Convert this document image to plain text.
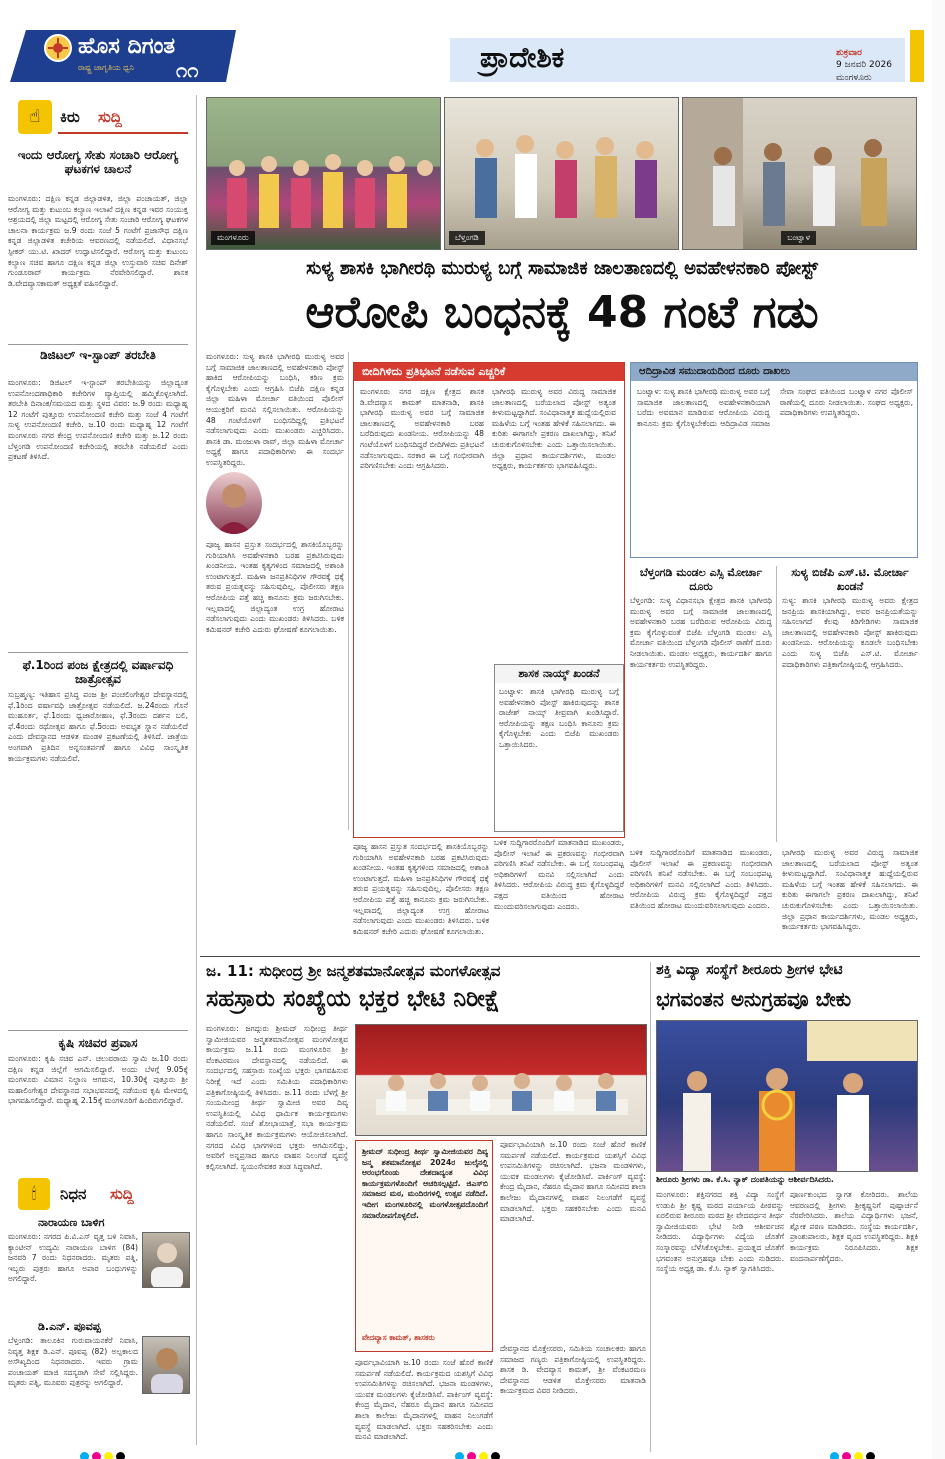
ಹೊಸ ದಿಗಂತ
ರಾಷ್ಟ್ರ ಜಾಗೃತಿಯ ಧ್ವನಿ ೧೧	ಪ್ರಾದೇಶಿಕ	ಶುಕ್ರವಾರ
9 ಜನವರಿ 2026
ಮಂಗಳೂರು
☝	ಕಿರು ಸುದ್ದಿ
ಇಂದು ಆರೋಗ್ಯ ಸೇತು ಸಂಚಾರಿ ಆರೋಗ್ಯ ಘಟಕಗಳ ಚಾಲನೆ
ಮಂಗಳೂರು: ದಕ್ಷಿಣ ಕನ್ನಡ ಜಿಲ್ಲಾಡಳಿತ, ಜಿಲ್ಲಾ ಪಂಚಾಯತ್, ಜಿಲ್ಲಾ ಆರೋಗ್ಯ ಮತ್ತು ಕುಟುಂಬ ಕಲ್ಯಾಣ ಇಲಾಖೆ ದಕ್ಷಿಣ ಕನ್ನಡ ಇವರ ಸಂಯುಕ್ತ ಆಶ್ರಯದಲ್ಲಿ ಜಿಲ್ಲಾ ಮಟ್ಟದಲ್ಲಿ ಆರೋಗ್ಯ ಸೇತು ಸಂಚಾರಿ ಆರೋಗ್ಯ ಘಟಕಗಳ ಚಾಲನಾ ಕಾರ್ಯಕ್ರಮ ಜ.9 ರಂದು ಸಂಜೆ 5 ಗಂಟೆಗೆ ಪ್ರಜಾಸೌಧ ದಕ್ಷಿಣ ಕನ್ನಡ ಜಿಲ್ಲಾಡಳಿತ ಕಚೇರಿಯ ಆವರಣದಲ್ಲಿ ನಡೆಯಲಿದೆ. ವಿಧಾನಸಭೆ ಸ್ಪೀಕರ್ ಯು.ಟಿ. ಖಾದರ್ ಉದ್ಘಾಟಿಸಲಿದ್ದಾರೆ. ಆರೋಗ್ಯ ಮತ್ತು ಕುಟುಂಬ ಕಲ್ಯಾಣ ಸಚಿವ ಹಾಗೂ ದಕ್ಷಿಣ ಕನ್ನಡ ಜಿಲ್ಲಾ ಉಸ್ತುವಾರಿ ಸಚಿವ ದಿನೇಶ್ ಗುಂಡೂರಾವ್ ಕಾರ್ಯಕ್ರಮ ನೆರವೇರಿಸಲಿದ್ದಾರೆ. ಶಾಸಕ ಡಿ.ವೇದವ್ಯಾಸಕಾಮತ್ ಅಧ್ಯಕ್ಷತೆ ವಹಿಸಲಿದ್ದಾರೆ.
ಡಿಜಿಟಲ್ ಇ-ಸ್ಟಾಂಪ್ ತರಬೇತಿ
ಮಂಗಳೂರು: ಡಿಜಿಟಲ್ ಇ-ಸ್ಟಾಂಪ್ ತರಬೇತಿಯನ್ನು ಜಿಲ್ಲಾದ್ಯಂತ ಉಪನೋಂದಣಾಧಿಕಾರಿ ಕಚೇರಿಗಳ ವ್ಯಾಪ್ತಿಯಲ್ಲಿ ಹಮ್ಮಿಕೊಳ್ಳಲಾಗಿದೆ. ತರಬೇತಿ ದಿನಾಂಕ/ಸಮಯದ ಮತ್ತು ಸ್ಥಳದ ವಿವರ: ಜ.9 ರಂದು ಮಧ್ಯಾಹ್ನ 12 ಗಂಟೆಗೆ ಪುತ್ತೂರು ಉಪನೋಂದಣಿ ಕಚೇರಿ ಮತ್ತು ಸಂಜೆ 4 ಗಂಟೆಗೆ ಸುಳ್ಯ ಉಪನೋಂದಣಿ ಕಚೇರಿ. ಜ.10 ರಂದು ಮಧ್ಯಾಹ್ನ 12 ಗಂಟೆಗೆ ಮಂಗಳೂರು ನಗರ ಕೇಂದ್ರ ಉಪನೋಂದಣಿ ಕಚೇರಿ ಮತ್ತು ಜ.12 ರಂದು ಬೆಳ್ತಂಗಡಿ ಉಪನೋಂದಣಿ ಕಚೇರಿಯಲ್ಲಿ ತರಬೇತಿ ನಡೆಯಲಿದೆ ಎಂದು ಪ್ರಕಟಣೆ ತಿಳಿಸಿದೆ.
ಫೆ.1ರಿಂದ ಪಂಜ ಕ್ಷೇತ್ರದಲ್ಲಿ ವರ್ಷಾವಧಿ ಜಾತ್ರೋತ್ಸವ
ಸುಬ್ರಹ್ಮಣ್ಯ: ಇತಿಹಾಸ ಪ್ರಸಿದ್ಧ ಪಂಜ ಶ್ರೀ ಪಂಚಲಿಂಗೇಶ್ವರ ದೇವಸ್ಥಾನದಲ್ಲಿ ಫೆ.1ರಿಂದ ವರ್ಷಾವಧಿ ಜಾತ್ರೋತ್ಸವ ನಡೆಯಲಿದೆ. ಜ.24ರಂದು ಗೊನೆ ಮುಹೂರ್ತ, ಫೆ.1ರಂದು ಧ್ವಜಾರೋಹಣ, ಫೆ.3ರಂದು ದರ್ಶನ ಬಲಿ, ಫೆ.4ರಂದು ರಥೋತ್ಸವ ಹಾಗೂ ಫೆ.5ರಂದು ಅವಭೃತ ಸ್ನಾನ ನಡೆಯಲಿದೆ ಎಂದು ದೇವಸ್ಥಾನದ ಆಡಳಿತ ಮಂಡಳಿ ಪ್ರಕಟಣೆಯಲ್ಲಿ ತಿಳಿಸಿದೆ. ಜಾತ್ರೆಯ ಅಂಗವಾಗಿ ಪ್ರತಿದಿನ ಅನ್ನಸಂತರ್ಪಣೆ ಹಾಗೂ ವಿವಿಧ ಸಾಂಸ್ಕೃತಿಕ ಕಾರ್ಯಕ್ರಮಗಳು ನಡೆಯಲಿವೆ.
ಕೃಷಿ ಸಚಿವರ ಪ್ರವಾಸ
ಮಂಗಳೂರು: ಕೃಷಿ ಸಚಿವ ಎನ್. ಚಲುವರಾಯ ಸ್ವಾಮಿ ಜ.10 ರಂದು ದಕ್ಷಿಣ ಕನ್ನಡ ಜಿಲ್ಲೆಗೆ ಆಗಮಿಸಲಿದ್ದಾರೆ. ಅಂದು ಬೆಳಗ್ಗೆ 9.05ಕ್ಕೆ ಮಂಗಳೂರು ವಿಮಾನ ನಿಲ್ದಾಣ ಆಗಮನ, 10.30ಕ್ಕೆ ಪುತ್ತೂರು ಶ್ರೀ ಮಹಾಲಿಂಗೇಶ್ವರ ದೇವಸ್ಥಾನದ ಸಭಾಭವನದಲ್ಲಿ ನಡೆಯುವ ಕೃಷಿ ಮೇಳದಲ್ಲಿ ಭಾಗವಹಿಸಲಿದ್ದಾರೆ. ಮಧ್ಯಾಹ್ನ 2.15ಕ್ಕೆ ಮಂಗಳೂರಿಗೆ ಹಿಂದಿರುಗಲಿದ್ದಾರೆ.
🕯	ನಿಧನ ಸುದ್ದಿ
ನಾರಾಯಣ ಬಾಳಿಗ
ಮಂಗಳೂರು: ನಗರದ ಪಿ.ವಿ.ಎಸ್ ವೃತ್ತ ಬಳಿ ನಿವಾಸಿ, ಕ್ಯಾಂಟೀನ್ ಉದ್ಯಮಿ ನಾರಾಯಣ ಬಾಳಿಗ (84) ಜನವರಿ 7 ರಂದು ನಿಧನರಾದರು. ಮೃತರು ಪತ್ನಿ, ಇಬ್ಬರು ಪುತ್ರರು ಹಾಗೂ ಅಪಾರ ಬಂಧುಗಳನ್ನು ಅಗಲಿದ್ದಾರೆ.
ಡಿ.ಎನ್. ಪೂವಪ್ಪ
ಬೆಳ್ತಂಗಡಿ: ತಾಲೂಕಿನ ಗುರುವಾಯನಕೆರೆ ನಿವಾಸಿ, ನಿವೃತ್ತ ಶಿಕ್ಷಕ ಡಿ.ಎನ್. ಪೂವಪ್ಪ (82) ಅಲ್ಪಕಾಲದ ಅಸೌಖ್ಯದಿಂದ ನಿಧನರಾದರು. ಇವರು ಗ್ರಾಮ ಪಂಚಾಯತ್ ಮಾಜಿ ಸದಸ್ಯರಾಗಿ ಸೇವೆ ಸಲ್ಲಿಸಿದ್ದರು. ಮೃತರು ಪತ್ನಿ, ಮೂವರು ಪುತ್ರರನ್ನು ಅಗಲಿದ್ದಾರೆ.
ಮಂಗಳೂರು	ಬೆಳ್ತಂಗಡಿ	ಬಂಟ್ವಾಳ
ಸುಳ್ಯ ಶಾಸಕಿ ಭಾಗೀರಥಿ ಮುರುಳ್ಯ ಬಗ್ಗೆ ಸಾಮಾಜಿಕ ಜಾಲತಾಣದಲ್ಲಿ ಅವಹೇಳನಕಾರಿ ಪೋಸ್ಟ್
ಆರೋಪಿ ಬಂಧನಕ್ಕೆ 48 ಗಂಟೆ ಗಡು
ಮಂಗಳೂರು: ಸುಳ್ಯ ಶಾಸಕಿ ಭಾಗೀರಥಿ ಮುರುಳ್ಯ ಅವರ ಬಗ್ಗೆ ಸಾಮಾಜಿಕ ಜಾಲತಾಣದಲ್ಲಿ ಅವಹೇಳನಕಾರಿ ಪೋಸ್ಟ್ ಹಾಕಿದ ಆರೋಪಿಯನ್ನು ಬಂಧಿಸಿ, ಕಠಿಣ ಕ್ರಮ ಕೈಗೊಳ್ಳಬೇಕು ಎಂದು ಆಗ್ರಹಿಸಿ ಬಿಜೆಪಿ ದಕ್ಷಿಣ ಕನ್ನಡ ಜಿಲ್ಲಾ ಮಹಿಳಾ ಮೋರ್ಚಾ ವತಿಯಿಂದ ಪೊಲೀಸ್ ಆಯುಕ್ತರಿಗೆ ಮನವಿ ಸಲ್ಲಿಸಲಾಯಿತು. ಆರೋಪಿಯನ್ನು 48 ಗಂಟೆಯೊಳಗೆ ಬಂಧಿಸದಿದ್ದಲ್ಲಿ ಪ್ರತಿಭಟನೆ ನಡೆಸಲಾಗುವುದು ಎಂದು ಮುಖಂಡರು ಎಚ್ಚರಿಸಿದರು. ಶಾಸಕಿ ಡಾ. ಮಂಜುಳಾ ರಾವ್, ಜಿಲ್ಲಾ ಮಹಿಳಾ ಮೋರ್ಚಾ ಅಧ್ಯಕ್ಷೆ ಹಾಗೂ ಪದಾಧಿಕಾರಿಗಳು ಈ ಸಂದರ್ಭ ಉಪಸ್ಥಿತರಿದ್ದರು.
ಪೂಜ್ಯ ಹಾಸನ ಪ್ರಸ್ತುತ ಸಂದರ್ಭದಲ್ಲಿ ಶಾಸಕಿಯೊಬ್ಬರನ್ನು ಗುರಿಯಾಗಿಸಿ ಅವಹೇಳನಕಾರಿ ಬರಹ ಪ್ರಕಟಿಸಿರುವುದು ಖಂಡನೀಯ. ಇಂತಹ ಕೃತ್ಯಗಳಿಂದ ಸಮಾಜದಲ್ಲಿ ಅಶಾಂತಿ ಉಂಟಾಗುತ್ತದೆ. ಮಹಿಳಾ ಜನಪ್ರತಿನಿಧಿಗಳ ಗೌರವಕ್ಕೆ ಧಕ್ಕೆ ತರುವ ಪ್ರಯತ್ನವನ್ನು ಸಹಿಸುವುದಿಲ್ಲ. ಪೊಲೀಸರು ತಕ್ಷಣ ಆರೋಪಿಯ ಪತ್ತೆ ಹಚ್ಚಿ ಕಾನೂನು ಕ್ರಮ ಜರುಗಿಸಬೇಕು. ಇಲ್ಲವಾದಲ್ಲಿ ಜಿಲ್ಲಾದ್ಯಂತ ಉಗ್ರ ಹೋರಾಟ ನಡೆಸಲಾಗುವುದು ಎಂದು ಮುಖಂಡರು ತಿಳಿಸಿದರು. ಬಳಿಕ ಕಮಿಷನರ್ ಕಚೇರಿ ಎದುರು ಘೋಷಣೆ ಕೂಗಲಾಯಿತು.
ಬೀದಿಗಿಳಿದು ಪ್ರತಿಭಟನೆ ನಡೆಸುವ ಎಚ್ಚರಿಕೆ
ಮಂಗಳೂರು ನಗರ ದಕ್ಷಿಣ ಕ್ಷೇತ್ರದ ಶಾಸಕ ಡಿ.ವೇದವ್ಯಾಸ ಕಾಮತ್ ಮಾತನಾಡಿ, ಶಾಸಕಿ ಭಾಗೀರಥಿ ಮುರುಳ್ಯ ಅವರ ಬಗ್ಗೆ ಸಾಮಾಜಿಕ ಜಾಲತಾಣದಲ್ಲಿ ಅವಹೇಳನಕಾರಿ ಬರಹ ಬರೆದಿರುವುದು ಖಂಡನೀಯ. ಆರೋಪಿಯನ್ನು 48 ಗಂಟೆಯೊಳಗೆ ಬಂಧಿಸದಿದ್ದರೆ ಬೀದಿಗಿಳಿದು ಪ್ರತಿಭಟನೆ ನಡೆಸಲಾಗುವುದು. ಸರಕಾರ ಈ ಬಗ್ಗೆ ಗಂಭೀರವಾಗಿ ಪರಿಗಣಿಸಬೇಕು ಎಂದು ಆಗ್ರಹಿಸಿದರು.
ಭಾಗೀರಥಿ ಮುರುಳ್ಯ ಅವರ ವಿರುದ್ಧ ಸಾಮಾಜಿಕ ಜಾಲತಾಣದಲ್ಲಿ ಬರೆಯಲಾದ ಪೋಸ್ಟ್ ಅತ್ಯಂತ ಕೀಳುಮಟ್ಟದ್ದಾಗಿದೆ. ಸಂವಿಧಾನಾತ್ಮಕ ಹುದ್ದೆಯಲ್ಲಿರುವ ಮಹಿಳೆಯ ಬಗ್ಗೆ ಇಂತಹ ಹೇಳಿಕೆ ಸಹಿಸಲಾಗದು. ಈ ಕುರಿತು ಈಗಾಗಲೇ ಪ್ರಕರಣ ದಾಖಲಾಗಿದ್ದು, ತನಿಖೆ ಚುರುಕುಗೊಳಿಸಬೇಕು ಎಂದು ಒತ್ತಾಯಿಸಲಾಯಿತು. ಜಿಲ್ಲಾ ಪ್ರಧಾನ ಕಾರ್ಯದರ್ಶಿಗಳು, ಮಂಡಲ ಅಧ್ಯಕ್ಷರು, ಕಾರ್ಯಕರ್ತರು ಭಾಗವಹಿಸಿದ್ದರು.
ಪೂಜ್ಯ ಹಾಸನ ಪ್ರಸ್ತುತ ಸಂದರ್ಭದಲ್ಲಿ ಶಾಸಕಿಯೊಬ್ಬರನ್ನು ಗುರಿಯಾಗಿಸಿ ಅವಹೇಳನಕಾರಿ ಬರಹ ಪ್ರಕಟಿಸಿರುವುದು ಖಂಡನೀಯ. ಇಂತಹ ಕೃತ್ಯಗಳಿಂದ ಸಮಾಜದಲ್ಲಿ ಅಶಾಂತಿ ಉಂಟಾಗುತ್ತದೆ. ಮಹಿಳಾ ಜನಪ್ರತಿನಿಧಿಗಳ ಗೌರವಕ್ಕೆ ಧಕ್ಕೆ ತರುವ ಪ್ರಯತ್ನವನ್ನು ಸಹಿಸುವುದಿಲ್ಲ. ಪೊಲೀಸರು ತಕ್ಷಣ ಆರೋಪಿಯ ಪತ್ತೆ ಹಚ್ಚಿ ಕಾನೂನು ಕ್ರಮ ಜರುಗಿಸಬೇಕು. ಇಲ್ಲವಾದಲ್ಲಿ ಜಿಲ್ಲಾದ್ಯಂತ ಉಗ್ರ ಹೋರಾಟ ನಡೆಸಲಾಗುವುದು ಎಂದು ಮುಖಂಡರು ತಿಳಿಸಿದರು. ಬಳಿಕ ಕಮಿಷನರ್ ಕಚೇರಿ ಎದುರು ಘೋಷಣೆ ಕೂಗಲಾಯಿತು.
ಶಾಸಕ ನಾಯ್ಕ್ ಖಂಡನೆ
ಬಂಟ್ವಾಳ: ಶಾಸಕಿ ಭಾಗೀರಥಿ ಮುರುಳ್ಯ ಬಗ್ಗೆ ಅವಹೇಳನಕಾರಿ ಪೋಸ್ಟ್ ಹಾಕಿರುವುದನ್ನು ಶಾಸಕ ರಾಜೇಶ್ ನಾಯ್ಕ್ ತೀವ್ರವಾಗಿ ಖಂಡಿಸಿದ್ದಾರೆ. ಆರೋಪಿಯನ್ನು ತಕ್ಷಣ ಬಂಧಿಸಿ ಕಾನೂನು ಕ್ರಮ ಕೈಗೊಳ್ಳಬೇಕು ಎಂದು ಬಿಜೆಪಿ ಮುಖಂಡರು ಒತ್ತಾಯಿಸಿದರು.
ಬಳಿಕ ಸುದ್ದಿಗಾರರೊಂದಿಗೆ ಮಾತನಾಡಿದ ಮುಖಂಡರು, ಪೊಲೀಸ್ ಇಲಾಖೆ ಈ ಪ್ರಕರಣವನ್ನು ಗಂಭೀರವಾಗಿ ಪರಿಗಣಿಸಿ ತನಿಖೆ ನಡೆಸಬೇಕು. ಈ ಬಗ್ಗೆ ಸಂಬಂಧಪಟ್ಟ ಅಧಿಕಾರಿಗಳಿಗೆ ಮನವಿ ಸಲ್ಲಿಸಲಾಗಿದೆ ಎಂದು ತಿಳಿಸಿದರು. ಆರೋಪಿಯ ವಿರುದ್ಧ ಕ್ರಮ ಕೈಗೊಳ್ಳದಿದ್ದರೆ ಪಕ್ಷದ ವತಿಯಿಂದ ಹೋರಾಟ ಮುಂದುವರಿಸಲಾಗುವುದು ಎಂದರು.
ಆದಿದ್ರಾವಿಡ ಸಮುದಾಯದಿಂದ ದೂರು ದಾಖಲು
ಬಂಟ್ವಾಳ: ಸುಳ್ಯ ಶಾಸಕಿ ಭಾಗೀರಥಿ ಮುರುಳ್ಯ ಅವರ ಬಗ್ಗೆ ಸಾಮಾಜಿಕ ಜಾಲತಾಣದಲ್ಲಿ ಅವಹೇಳನಕಾರಿಯಾಗಿ ಬರೆದು ಅವಮಾನ ಮಾಡಿರುವ ಆರೋಪಿಯ ವಿರುದ್ಧ ಕಾನೂನು ಕ್ರಮ ಕೈಗೊಳ್ಳಬೇಕೆಂದು ಆದಿದ್ರಾವಿಡ ಸಮಾಜ ಸೇವಾ ಸಂಘದ ವತಿಯಿಂದ ಬಂಟ್ವಾಳ ನಗರ ಪೊಲೀಸ್ ಠಾಣೆಯಲ್ಲಿ ದೂರು ನೀಡಲಾಯಿತು. ಸಂಘದ ಅಧ್ಯಕ್ಷರು, ಪದಾಧಿಕಾರಿಗಳು ಉಪಸ್ಥಿತರಿದ್ದರು.
ಬೆಳ್ತಂಗಡಿ ಮಂಡಲ ಎಸ್ಸಿ ಮೋರ್ಚಾ ದೂರು
ಬೆಳ್ತಂಗಡಿ: ಸುಳ್ಯ ವಿಧಾನಸಭಾ ಕ್ಷೇತ್ರದ ಶಾಸಕಿ ಭಾಗೀರಥಿ ಮುರುಳ್ಯ ಅವರ ಬಗ್ಗೆ ಸಾಮಾಜಿಕ ಜಾಲತಾಣದಲ್ಲಿ ಅವಹೇಳನಕಾರಿ ಬರಹ ಬರೆದಿರುವ ಆರೋಪಿಯ ವಿರುದ್ಧ ಕ್ರಮ ಕೈಗೊಳ್ಳುವಂತೆ ಬಿಜೆಪಿ ಬೆಳ್ತಂಗಡಿ ಮಂಡಲ ಎಸ್ಸಿ ಮೋರ್ಚಾ ವತಿಯಿಂದ ಬೆಳ್ತಂಗಡಿ ಪೊಲೀಸ್ ಠಾಣೆಗೆ ದೂರು ನೀಡಲಾಯಿತು. ಮಂಡಲ ಅಧ್ಯಕ್ಷರು, ಕಾರ್ಯದರ್ಶಿ ಹಾಗೂ ಕಾರ್ಯಕರ್ತರು ಉಪಸ್ಥಿತರಿದ್ದರು.
ಸುಳ್ಯ ಬಿಜೆಪಿ ಎಸ್.ಟಿ. ಮೋರ್ಚಾ ಖಂಡನೆ
ಸುಳ್ಯ: ಶಾಸಕಿ ಭಾಗೀರಥಿ ಮುರುಳ್ಯ ಅವರು ಕ್ಷೇತ್ರದ ಜನಪ್ರಿಯ ಶಾಸಕಿಯಾಗಿದ್ದು, ಅವರ ಜನಪ್ರಿಯತೆಯನ್ನು ಸಹಿಸಲಾಗದೆ ಕೆಲವು ಕಿಡಿಗೇಡಿಗಳು ಸಾಮಾಜಿಕ ಜಾಲತಾಣದಲ್ಲಿ ಅವಹೇಳನಕಾರಿ ಪೋಸ್ಟ್ ಹಾಕಿರುವುದು ಖಂಡನೀಯ. ಆರೋಪಿಯನ್ನು ಕೂಡಲೇ ಬಂಧಿಸಬೇಕು ಎಂದು ಸುಳ್ಯ ಬಿಜೆಪಿ ಎಸ್.ಟಿ. ಮೋರ್ಚಾ ಪದಾಧಿಕಾರಿಗಳು ಪತ್ರಿಕಾಗೋಷ್ಠಿಯಲ್ಲಿ ಆಗ್ರಹಿಸಿದರು.
ಬಳಿಕ ಸುದ್ದಿಗಾರರೊಂದಿಗೆ ಮಾತನಾಡಿದ ಮುಖಂಡರು, ಪೊಲೀಸ್ ಇಲಾಖೆ ಈ ಪ್ರಕರಣವನ್ನು ಗಂಭೀರವಾಗಿ ಪರಿಗಣಿಸಿ ತನಿಖೆ ನಡೆಸಬೇಕು. ಈ ಬಗ್ಗೆ ಸಂಬಂಧಪಟ್ಟ ಅಧಿಕಾರಿಗಳಿಗೆ ಮನವಿ ಸಲ್ಲಿಸಲಾಗಿದೆ ಎಂದು ತಿಳಿಸಿದರು. ಆರೋಪಿಯ ವಿರುದ್ಧ ಕ್ರಮ ಕೈಗೊಳ್ಳದಿದ್ದರೆ ಪಕ್ಷದ ವತಿಯಿಂದ ಹೋರಾಟ ಮುಂದುವರಿಸಲಾಗುವುದು ಎಂದರು.
ಭಾಗೀರಥಿ ಮುರುಳ್ಯ ಅವರ ವಿರುದ್ಧ ಸಾಮಾಜಿಕ ಜಾಲತಾಣದಲ್ಲಿ ಬರೆಯಲಾದ ಪೋಸ್ಟ್ ಅತ್ಯಂತ ಕೀಳುಮಟ್ಟದ್ದಾಗಿದೆ. ಸಂವಿಧಾನಾತ್ಮಕ ಹುದ್ದೆಯಲ್ಲಿರುವ ಮಹಿಳೆಯ ಬಗ್ಗೆ ಇಂತಹ ಹೇಳಿಕೆ ಸಹಿಸಲಾಗದು. ಈ ಕುರಿತು ಈಗಾಗಲೇ ಪ್ರಕರಣ ದಾಖಲಾಗಿದ್ದು, ತನಿಖೆ ಚುರುಕುಗೊಳಿಸಬೇಕು ಎಂದು ಒತ್ತಾಯಿಸಲಾಯಿತು. ಜಿಲ್ಲಾ ಪ್ರಧಾನ ಕಾರ್ಯದರ್ಶಿಗಳು, ಮಂಡಲ ಅಧ್ಯಕ್ಷರು, ಕಾರ್ಯಕರ್ತರು ಭಾಗವಹಿಸಿದ್ದರು.
ಜ. 11: ಸುಧೀಂದ್ರ ಶ್ರೀ ಜನ್ಮಶತಮಾನೋತ್ಸವ ಮಂಗಳೋತ್ಸವ
ಸಹಸ್ರಾರು ಸಂಖ್ಯೆಯ ಭಕ್ತರ ಭೇಟಿ ನಿರೀಕ್ಷೆ
ಮಂಗಳೂರು: ಜಗದ್ಗುರು ಶ್ರೀಮದ್ ಸುಧೀಂದ್ರ ತೀರ್ಥ ಸ್ವಾಮೀಜಿಯವರ ಜನ್ಮಶತಮಾನೋತ್ಸವ ಮಂಗಳೋತ್ಸವ ಕಾರ್ಯಕ್ರಮ ಜ.11 ರಂದು ಮಂಗಳೂರಿನ ಶ್ರೀ ವೆಂಕಟರಮಣ ದೇವಸ್ಥಾನದಲ್ಲಿ ನಡೆಯಲಿದೆ. ಈ ಸಂದರ್ಭದಲ್ಲಿ ಸಹಸ್ರಾರು ಸಂಖ್ಯೆಯ ಭಕ್ತರು ಭಾಗವಹಿಸುವ ನಿರೀಕ್ಷೆ ಇದೆ ಎಂದು ಸಮಿತಿಯ ಪದಾಧಿಕಾರಿಗಳು ಪತ್ರಿಕಾಗೋಷ್ಠಿಯಲ್ಲಿ ತಿಳಿಸಿದರು. ಜ.11 ರಂದು ಬೆಳಗ್ಗೆ ಶ್ರೀ ಸಂಯಮೀಂದ್ರ ತೀರ್ಥ ಸ್ವಾಮೀಜಿ ಅವರ ದಿವ್ಯ ಉಪಸ್ಥಿತಿಯಲ್ಲಿ ವಿವಿಧ ಧಾರ್ಮಿಕ ಕಾರ್ಯಕ್ರಮಗಳು ನಡೆಯಲಿವೆ. ಸಂಜೆ ಶೋಭಾಯಾತ್ರೆ, ಸಭಾ ಕಾರ್ಯಕ್ರಮ ಹಾಗೂ ಸಾಂಸ್ಕೃತಿಕ ಕಾರ್ಯಕ್ರಮಗಳು ಆಯೋಜಿಸಲಾಗಿದೆ. ನಗರದ ವಿವಿಧ ಭಾಗಗಳಿಂದ ಭಕ್ತರು ಆಗಮಿಸಲಿದ್ದು, ಅವರಿಗೆ ಅನ್ನಪ್ರಸಾದ ಹಾಗೂ ವಾಹನ ನಿಲುಗಡೆ ವ್ಯವಸ್ಥೆ ಕಲ್ಪಿಸಲಾಗಿದೆ. ಸ್ವಯಂಸೇವಕರ ತಂಡ ಸಿದ್ಧವಾಗಿದೆ.
ಶ್ರೀಮದ್ ಸುಧೀಂದ್ರ ತೀರ್ಥ ಸ್ವಾಮೀಜಿಯವರ ದಿವ್ಯ ಜನ್ಮ ಶತಮಾನೋತ್ಸವ 2024ರ ಜುಲೈನಲ್ಲಿ ಆರಂಭಗೊಂಡು ದೇಶದಾದ್ಯಂತ ವಿವಿಧ ಕಾರ್ಯಕ್ರಮಗಳೊಂದಿಗೆ ಆಚರಿಸಲ್ಪಟ್ಟಿದೆ. ಜಿಎಸ್‌ಬಿ ಸಮಾಜದ ಮಠ, ಮಂದಿರಗಳಲ್ಲಿ ಉತ್ಸವ ನಡೆದಿದೆ. ಇದೀಗ ಮಂಗಳೂರಿನಲ್ಲಿ ಮಂಗಳೋತ್ಸವದೊಂದಿಗೆ ಸಮಾರೋಪಗೊಳ್ಳಲಿದೆ.
ವೇದವ್ಯಾಸ ಕಾಮತ್, ಶಾಸಕರು
ಪೂರ್ವಭಾವಿಯಾಗಿ ಜ.10 ರಂದು ಸಂಜೆ ಹೊರೆ ಕಾಣಿಕೆ ಸಮರ್ಪಣೆ ನಡೆಯಲಿದೆ. ಕಾರ್ಯಕ್ರಮದ ಯಶಸ್ಸಿಗೆ ವಿವಿಧ ಉಪಸಮಿತಿಗಳನ್ನು ರಚಿಸಲಾಗಿದೆ. ಭಜನಾ ಮಂಡಳಿಗಳು, ಯುವಕ ಮಂಡಲಗಳು ಕೈಜೋಡಿಸಿವೆ. ಪಾರ್ಕಿಂಗ್ ವ್ಯವಸ್ಥೆ: ಕೇಂದ್ರ ಮೈದಾನ, ನೆಹರೂ ಮೈದಾನ ಹಾಗೂ ಸಮೀಪದ ಶಾಲಾ ಕಾಲೇಜು ಮೈದಾನಗಳಲ್ಲಿ ವಾಹನ ನಿಲುಗಡೆಗೆ ವ್ಯವಸ್ಥೆ ಮಾಡಲಾಗಿದೆ. ಭಕ್ತರು ಸಹಕರಿಸಬೇಕು ಎಂದು ಮನವಿ ಮಾಡಲಾಗಿದೆ.
ಪೂರ್ವಭಾವಿಯಾಗಿ ಜ.10 ರಂದು ಸಂಜೆ ಹೊರೆ ಕಾಣಿಕೆ ಸಮರ್ಪಣೆ ನಡೆಯಲಿದೆ. ಕಾರ್ಯಕ್ರಮದ ಯಶಸ್ಸಿಗೆ ವಿವಿಧ ಉಪಸಮಿತಿಗಳನ್ನು ರಚಿಸಲಾಗಿದೆ. ಭಜನಾ ಮಂಡಳಿಗಳು, ಯುವಕ ಮಂಡಲಗಳು ಕೈಜೋಡಿಸಿವೆ. ಪಾರ್ಕಿಂಗ್ ವ್ಯವಸ್ಥೆ: ಕೇಂದ್ರ ಮೈದಾನ, ನೆಹರೂ ಮೈದಾನ ಹಾಗೂ ಸಮೀಪದ ಶಾಲಾ ಕಾಲೇಜು ಮೈದಾನಗಳಲ್ಲಿ ವಾಹನ ನಿಲುಗಡೆಗೆ ವ್ಯವಸ್ಥೆ ಮಾಡಲಾಗಿದೆ. ಭಕ್ತರು ಸಹಕರಿಸಬೇಕು ಎಂದು ಮನವಿ ಮಾಡಲಾಗಿದೆ.
ದೇವಸ್ಥಾನದ ಮೊಕ್ತೇಸರರು, ಸಮಿತಿಯ ಸಂಚಾಲಕರು ಹಾಗೂ ಸಮಾಜದ ಗಣ್ಯರು ಪತ್ರಿಕಾಗೋಷ್ಠಿಯಲ್ಲಿ ಉಪಸ್ಥಿತರಿದ್ದರು. ಶಾಸಕ ಡಿ. ವೇದವ್ಯಾಸ ಕಾಮತ್, ಶ್ರೀ ವೆಂಕಟರಮಣ ದೇವಸ್ಥಾನದ ಆಡಳಿತ ಮೊಕ್ತೇಸರರು ಮಾತನಾಡಿ ಕಾರ್ಯಕ್ರಮದ ವಿವರ ನೀಡಿದರು.
ಶಕ್ತಿ ವಿದ್ಯಾ ಸಂಸ್ಥೆಗೆ ಶೀರೂರು ಶ್ರೀಗಳ ಭೇಟಿ
ಭಗವಂತನ ಅನುಗ್ರಹವೂ ಬೇಕು
ಶೀರೂರು ಶ್ರೀಗಳು ಡಾ. ಕೆ.ಸಿ. ನ್ಯಾಕ್ ದಂಪತಿಯನ್ನು ಆಶೀರ್ವದಿಸಿದರು.
ಮಂಗಳೂರು: ಶಕ್ತಿನಗರದ ಶಕ್ತಿ ವಿದ್ಯಾ ಸಂಸ್ಥೆಗೆ ಉಡುಪಿ ಶ್ರೀ ಕೃಷ್ಣ ಮಠದ ಪರ್ಯಾಯ ಪೀಠವನ್ನು ಏರಲಿರುವ ಶೀರೂರು ಮಠದ ಶ್ರೀ ವೇದವರ್ಧನ ತೀರ್ಥ ಸ್ವಾಮೀಜಿಯವರು ಭೇಟಿ ನೀಡಿ ಆಶೀರ್ವಚನ ನೀಡಿದರು. ವಿದ್ಯಾರ್ಥಿಗಳು ವಿದ್ಯೆಯ ಜೊತೆಗೆ ಸಂಸ್ಕಾರವನ್ನು ಬೆಳೆಸಿಕೊಳ್ಳಬೇಕು. ಪ್ರಯತ್ನದ ಜೊತೆಗೆ ಭಗವಂತನ ಅನುಗ್ರಹವೂ ಬೇಕು ಎಂದು ನುಡಿದರು. ಸಂಸ್ಥೆಯ ಅಧ್ಯಕ್ಷ ಡಾ. ಕೆ.ಸಿ. ನ್ಯಾಕ್ ಸ್ವಾಗತಿಸಿದರು.
ಪೂರ್ಣಕುಂಭದ ಸ್ವಾಗತ ಕೋರಿದರು. ಶಾಲೆಯ ಆವರಣದಲ್ಲಿ ಶ್ರೀಗಳು ಶ್ರೀಕೃಷ್ಣನಿಗೆ ಪುಷ್ಪಾರ್ಚನೆ ನೆರವೇರಿಸಿದರು. ಶಾಲೆಯ ವಿದ್ಯಾರ್ಥಿಗಳು ಭಜನೆ, ಶ್ಲೋಕ ಪಠಣ ಮಾಡಿದರು. ಸಂಸ್ಥೆಯ ಕಾರ್ಯದರ್ಶಿ, ಪ್ರಾಂಶುಪಾಲರು, ಶಿಕ್ಷಕ ವೃಂದ ಉಪಸ್ಥಿತರಿದ್ದರು. ಶಿಕ್ಷಕಿ ಕಾರ್ಯಕ್ರಮ ನಿರೂಪಿಸಿದರು. ಶಿಕ್ಷಕ ವಂದನಾರ್ಪಣೆಗೈದರು.
